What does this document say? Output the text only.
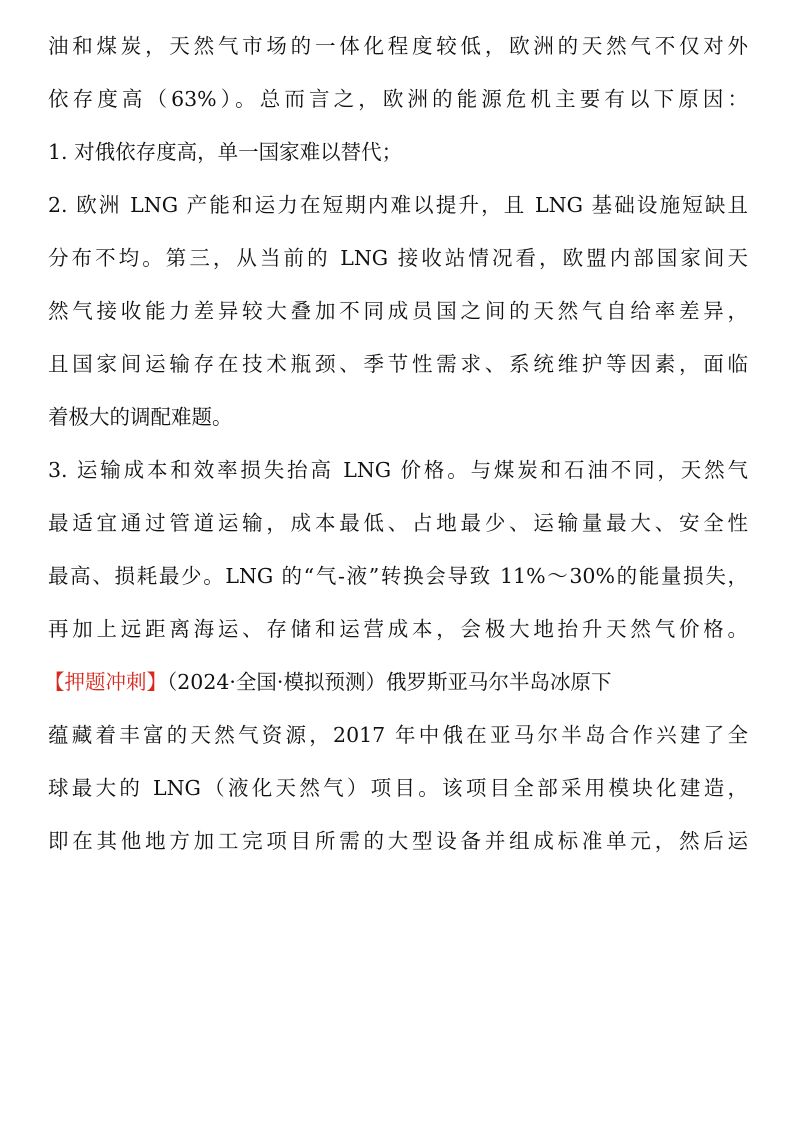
油和煤炭，天然气市场的一体化程度较低，欧洲的天然气不仅对外
依存度高（63%）。总而言之，欧洲的能源危机主要有以下原因：
1. 对俄依存度高，单一国家难以替代；
2. 欧洲 LNG 产能和运力在短期内难以提升，且 LNG 基础设施短缺且
分布不均。第三，从当前的 LNG 接收站情况看，欧盟内部国家间天
然气接收能力差异较大叠加不同成员国之间的天然气自给率差异，
且国家间运输存在技术瓶颈、季节性需求、系统维护等因素，面临
着极大的调配难题。
3. 运输成本和效率损失抬高 LNG 价格。与煤炭和石油不同，天然气
最适宜通过管道运输，成本最低、占地最少、运输量最大、安全性
最高、损耗最少。LNG 的“气-液”转换会导致 11%～30%的能量损失，
再加上远距离海运、存储和运营成本，会极大地抬升天然气价格。
【押题冲刺】（2024·全国·模拟预测）俄罗斯亚马尔半岛冰原下
蕴藏着丰富的天然气资源，2017 年中俄在亚马尔半岛合作兴建了全
球最大的 LNG（液化天然气）项目。该项目全部采用模块化建造，
即在其他地方加工完项目所需的大型设备并组成标准单元，然后运
